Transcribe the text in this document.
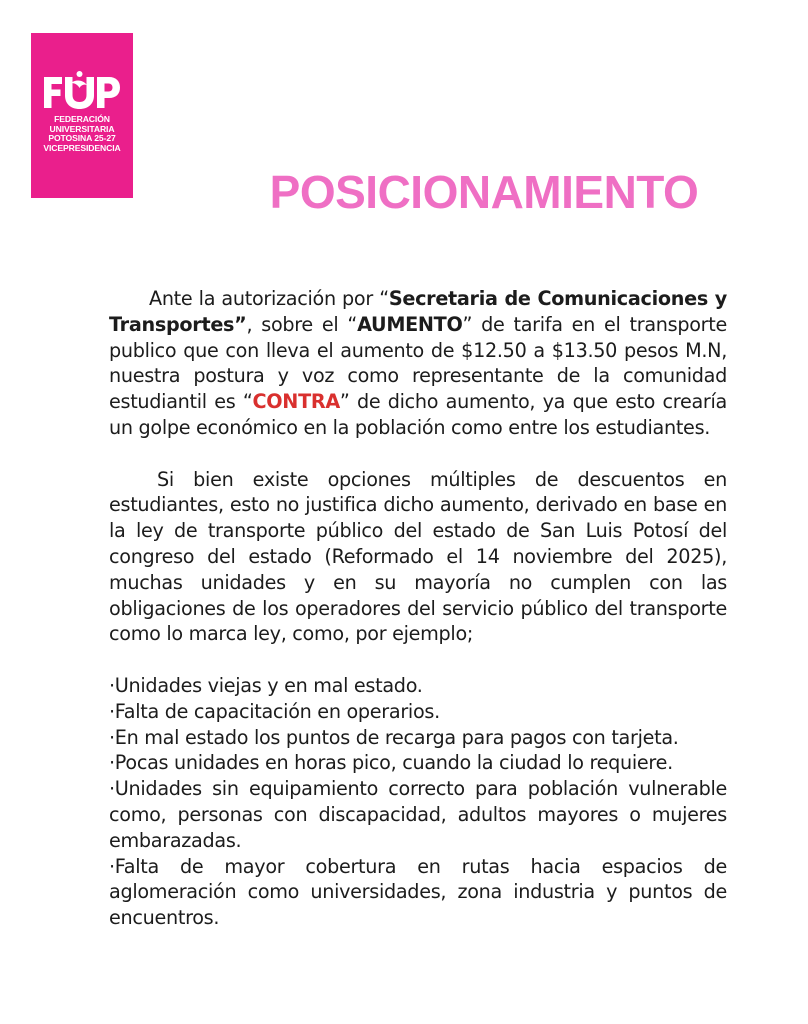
FEDERACIÓN
UNIVERSITARIA
POTOSINA 25-27
VICEPRESIDENCIA
POSICIONAMIENTO

Ante la autorización por “Secretaria de Comunicaciones y Transportes”, sobre el “AUMENTO” de tarifa en el transporte publico que con lleva el aumento de $12.50 a $13.50 pesos M.N, nuestra postura y voz como representante de la comunidad estudiantil es “CONTRA” de dicho aumento, ya que esto crearía un golpe económico en la población como entre los estudiantes.

Si bien existe opciones múltiples de descuentos en estudiantes, esto no justifica dicho aumento, derivado en base en la ley de transporte público del estado de San Luis Potosí del congreso del estado (Reformado el 14 noviembre del 2025), muchas unidades y en su mayoría no cumplen con las obligaciones de los operadores del servicio público del transporte como lo marca ley, como, por ejemplo;

·Unidades viejas y en mal estado.
·Falta de capacitación en operarios.
·En mal estado los puntos de recarga para pagos con tarjeta.
·Pocas unidades en horas pico, cuando la ciudad lo requiere.
·Unidades sin equipamiento correcto para población vulnerable como, personas con discapacidad, adultos mayores o mujeres embarazadas.
·Falta de mayor cobertura en rutas hacia espacios de aglomeración como universidades, zona industria y puntos de encuentros.
